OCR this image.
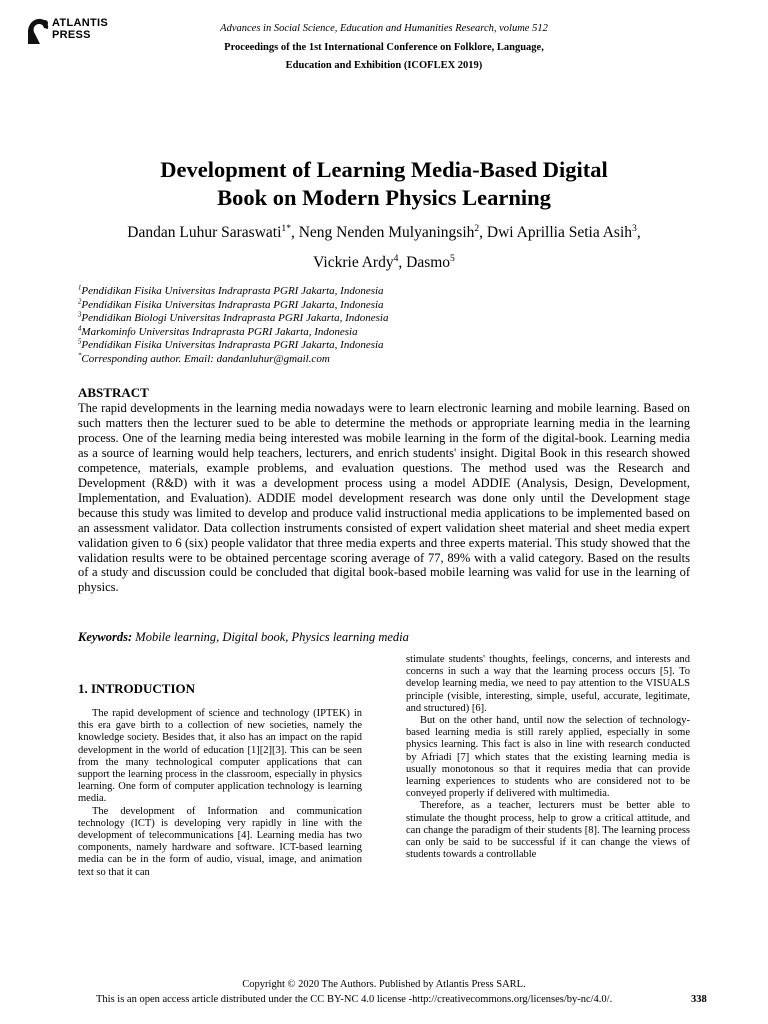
ATLANTIS
PRESS
Advances in Social Science, Education and Humanities Research, volume 512
Proceedings of the 1st International Conference on Folklore, Language,
Education and Exhibition (ICOFLEX 2019)
Development of Learning Media-Based Digital
Book on Modern Physics Learning
Dandan Luhur Saraswati$^{1*}$, Neng Nenden Mulyaningsih$^2$, Dwi Aprillia Setia Asih$^3$,
Vickrie Ardy$^4$, Dasmo$^5$
$^1$Pendidikan Fisika Universitas Indraprasta PGRI Jakarta, Indonesia
$^2$Pendidikan Fisika Universitas Indraprasta PGRI Jakarta, Indonesia
$^3$Pendidikan Biologi Universitas Indraprasta PGRI Jakarta, Indonesia
$^4$Markominfo Universitas Indraprasta PGRI Jakarta, Indonesia
$^5$Pendidikan Fisika Universitas Indraprasta PGRI Jakarta, Indonesia
*Corresponding author. Email: dandanluhur@gmail.com
ABSTRACT

The rapid developments in the learning media nowadays were to learn electronic learning and mobile learning. Based on such matters then the lecturer sued to be able to determine the methods or appropriate learning media in the learning process. One of the learning media being interested was mobile learning in the form of the digital-book. Learning media as a source of learning would help teachers, lecturers, and enrich students' insight. Digital Book in this research showed competence, materials, example problems, and evaluation questions. The method used was the Research and Development (R&D) with it was a development process using a model ADDIE (Analysis, Design, Development, Implementation, and Evaluation). ADDIE model development research was done only until the Development stage because this study was limited to develop and produce valid instructional media applications to be implemented based on an assessment validator. Data collection instruments consisted of expert validation sheet material and sheet media expert validation given to 6 (six) people validator that three media experts and three experts material. This study showed that the validation results were to be obtained percentage scoring average of 77, 89% with a valid category. Based on the results of a study and discussion could be concluded that digital book-based mobile learning was valid for use in the learning of physics.

Keywords: Mobile learning, Digital book, Physics learning media
1. INTRODUCTION

The rapid development of science and technology (IPTEK) in this era gave birth to a collection of new societies, namely the knowledge society. Besides that, it also has an impact on the rapid development in the world of education [1][2][3]. This can be seen from the many technological computer applications that can support the learning process in the classroom, especially in physics learning. One form of computer application technology is learning media.

The development of Information and communication technology (ICT) is developing very rapidly in line with the development of telecommunications [4]. Learning media has two components, namely hardware and software. ICT-based learning media can be in the form of audio, visual, image, and animation text so that it can

stimulate students' thoughts, feelings, concerns, and interests and concerns in such a way that the learning process occurs [5]. To develop learning media, we need to pay attention to the VISUALS principle (visible, interesting, simple, useful, accurate, legitimate, and structured) [6].

But on the other hand, until now the selection of technology-based learning media is still rarely applied, especially in some physics learning. This fact is also in line with research conducted by Afriadi [7] which states that the existing learning media is usually monotonous so that it requires media that can provide learning experiences to students who are considered not to be conveyed properly if delivered with multimedia.

Therefore, as a teacher, lecturers must be better able to stimulate the thought process, help to grow a critical attitude, and can change the paradigm of their students [8]. The learning process can only be said to be successful if it can change the views of students towards a controllable

Copyright © 2020 The Authors. Published by Atlantis Press SARL.
This is an open access article distributed under the CC BY-NC 4.0 license -http://creativecommons.org/licenses/by-nc/4.0/.	338
